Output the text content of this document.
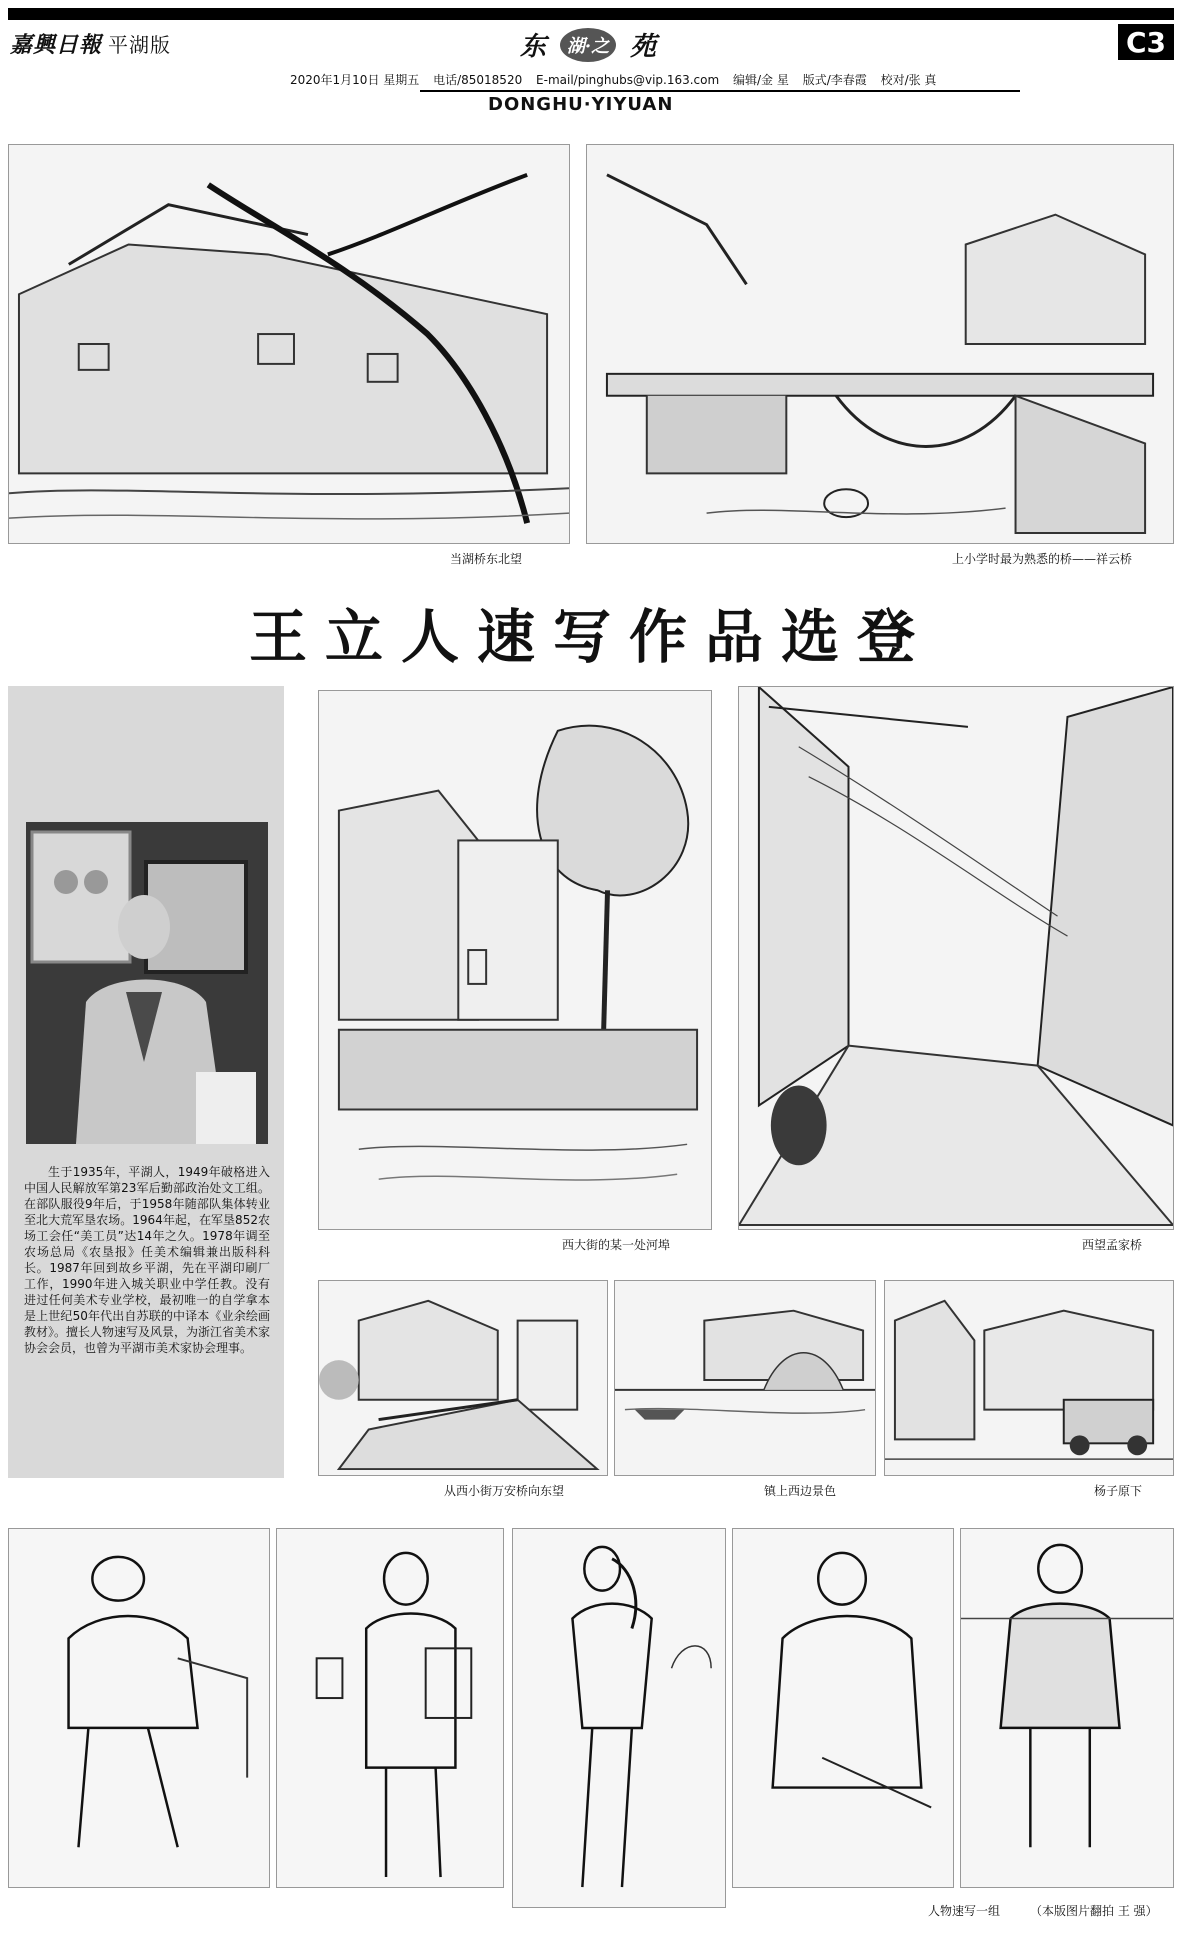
嘉興日報 平湖版	东	湖·之 苑	C3
2020年1月10日 星期五 电话/85018520 E-mail/pinghubs@vip.163.com 编辑/金 星 版式/李春霞 校对/张 真
DONGHU·YIYUAN
当湖桥东北望	上小学时最为熟悉的桥——祥云桥
王立人速写作品选登
生于1935年，平湖人，1949年破格进入中国人民解放军第23军后勤部政治处文工组。在部队服役9年后，于1958年随部队集体转业至北大荒军垦农场。1964年起，在军垦852农场工会任“美工员”达14年之久。1978年调至农场总局《农垦报》任美术编辑兼出版科科长。1987年回到故乡平湖，先在平湖印刷厂工作，1990年进入城关职业中学任教。没有进过任何美术专业学校，最初唯一的自学拿本是上世纪50年代出自苏联的中译本《业余绘画教材》。擅长人物速写及风景，为浙江省美术家协会会员，也曾为平湖市美术家协会理事。
西大街的某一处河埠	西望孟家桥
从西小街万安桥向东望	镇上西边景色	杨子原下
人物速写一组 （本版图片翻拍 王 强）
